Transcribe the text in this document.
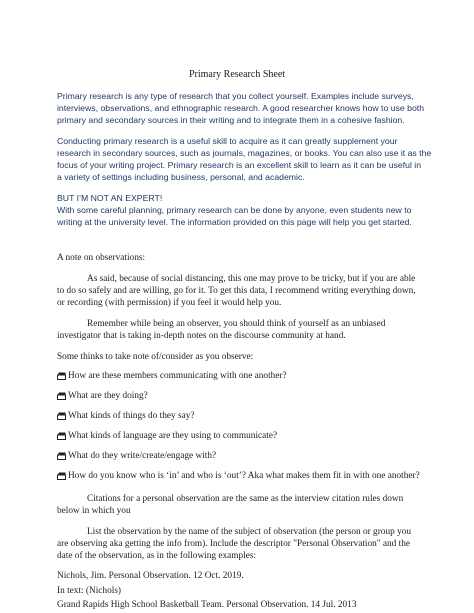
Primary Research Sheet

Primary research is any type of research that you collect yourself. Examples include surveys,

interviews, observations, and ethnographic research. A good researcher knows how to use both

primary and secondary sources in their writing and to integrate them in a cohesive fashion.

Conducting primary research is a useful skill to acquire as it can greatly supplement your

research in secondary sources, such as journals, magazines, or books. You can also use it as the

focus of your writing project. Primary research is an excellent skill to learn as it can be useful in

a variety of settings including business, personal, and academic.

BUT I’M NOT AN EXPERT!

With some careful planning, primary research can be done by anyone, even students new to

writing at the university level. The information provided on this page will help you get started.

A note on observations:

As said, because of social distancing, this one may prove to be tricky, but if you are able

to do so safely and are willing, go for it. To get this data, I recommend writing everything down,

or recording (with permission) if you feel it would help you.

Remember while being an observer, you should think of yourself as an unbiased

investigator that is taking in-depth notes on the discourse community at hand.

Some thinks to take note of/consider as you observe:

How are these members communicating with one another?
What are they doing?
What kinds of things do they say?
What kinds of language are they using to communicate?
What do they write/create/engage with?
How do you know who is ‘in’ and who is ‘out’? Aka what makes them fit in with one another?

Citations for a personal observation are the same as the interview citation rules down

below in which you

List the observation by the name of the subject of observation (the person or group you

are observing aka getting the info from). Include the descriptor "Personal Observation" and the

date of the observation, as in the following examples:

Nichols, Jim. Personal Observation. 12 Oct. 2019.

In text: (Nichols)

Grand Rapids High School Basketball Team. Personal Observation. 14 Jul. 2013
